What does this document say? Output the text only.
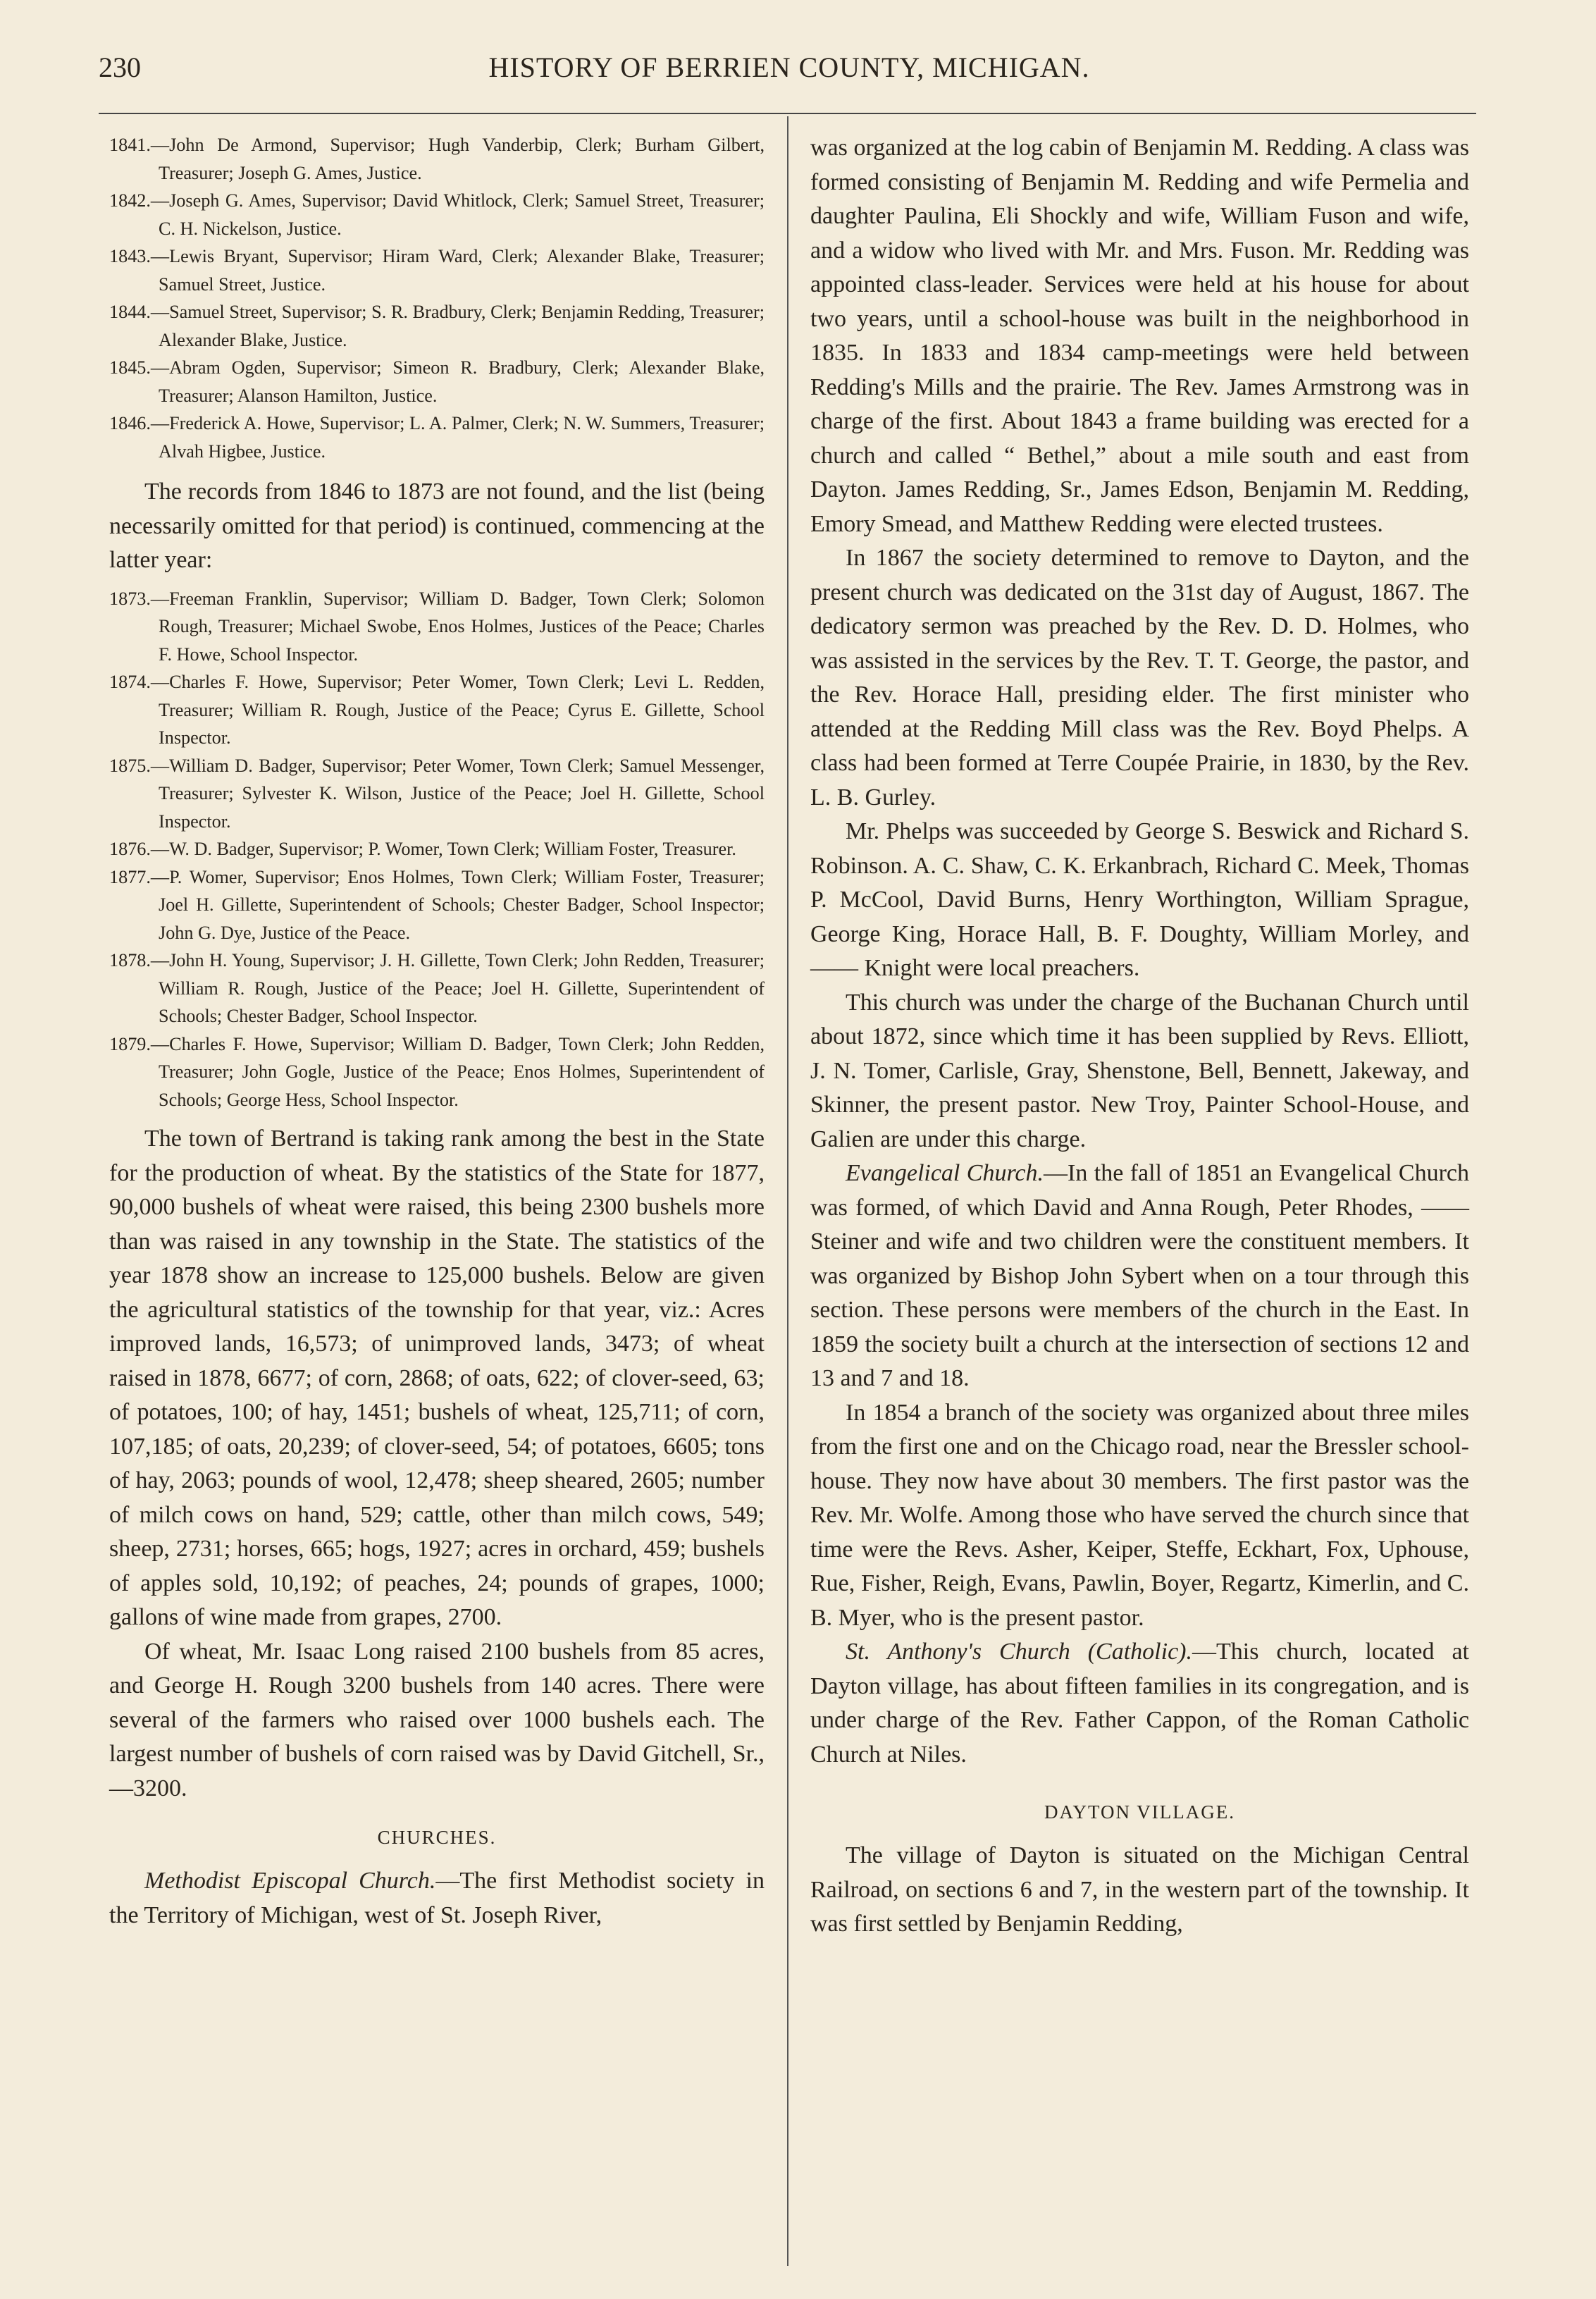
230	HISTORY OF BERRIEN COUNTY, MICHIGAN.

1841.—John De Armond, Supervisor; Hugh Vanderbip, Clerk; Burham Gilbert, Treasurer; Joseph G. Ames, Justice.

1842.—Joseph G. Ames, Supervisor; David Whitlock, Clerk; Samuel Street, Treasurer; C. H. Nickelson, Justice.

1843.—Lewis Bryant, Supervisor; Hiram Ward, Clerk; Alexander Blake, Treasurer; Samuel Street, Justice.

1844.—Samuel Street, Supervisor; S. R. Bradbury, Clerk; Benjamin Redding, Treasurer; Alexander Blake, Justice.

1845.—Abram Ogden, Supervisor; Simeon R. Bradbury, Clerk; Alexander Blake, Treasurer; Alanson Hamilton, Justice.

1846.—Frederick A. Howe, Supervisor; L. A. Palmer, Clerk; N. W. Summers, Treasurer; Alvah Higbee, Justice.

The records from 1846 to 1873 are not found, and the list (being necessarily omitted for that period) is continued, commencing at the latter year:

1873.—Freeman Franklin, Supervisor; William D. Badger, Town Clerk; Solomon Rough, Treasurer; Michael Swobe, Enos Holmes, Justices of the Peace; Charles F. Howe, School Inspector.

1874.—Charles F. Howe, Supervisor; Peter Womer, Town Clerk; Levi L. Redden, Treasurer; William R. Rough, Justice of the Peace; Cyrus E. Gillette, School Inspector.

1875.—William D. Badger, Supervisor; Peter Womer, Town Clerk; Samuel Messenger, Treasurer; Sylvester K. Wilson, Justice of the Peace; Joel H. Gillette, School Inspector.

1876.—W. D. Badger, Supervisor; P. Womer, Town Clerk; William Foster, Treasurer.

1877.—P. Womer, Supervisor; Enos Holmes, Town Clerk; William Foster, Treasurer; Joel H. Gillette, Superintendent of Schools; Chester Badger, School Inspector; John G. Dye, Justice of the Peace.

1878.—John H. Young, Supervisor; J. H. Gillette, Town Clerk; John Redden, Treasurer; William R. Rough, Justice of the Peace; Joel H. Gillette, Superintendent of Schools; Chester Badger, School Inspector.

1879.—Charles F. Howe, Supervisor; William D. Badger, Town Clerk; John Redden, Treasurer; John Gogle, Justice of the Peace; Enos Holmes, Superintendent of Schools; George Hess, School Inspector.

The town of Bertrand is taking rank among the best in the State for the production of wheat. By the statistics of the State for 1877, 90,000 bushels of wheat were raised, this being 2300 bushels more than was raised in any township in the State. The statistics of the year 1878 show an increase to 125,000 bushels. Below are given the agricultural statistics of the township for that year, viz.: Acres improved lands, 16,573; of unimproved lands, 3473; of wheat raised in 1878, 6677; of corn, 2868; of oats, 622; of clover-seed, 63; of potatoes, 100; of hay, 1451; bushels of wheat, 125,711; of corn, 107,185; of oats, 20,239; of clover-seed, 54; of potatoes, 6605; tons of hay, 2063; pounds of wool, 12,478; sheep sheared, 2605; number of milch cows on hand, 529; cattle, other than milch cows, 549; sheep, 2731; horses, 665; hogs, 1927; acres in orchard, 459; bushels of apples sold, 10,192; of peaches, 24; pounds of grapes, 1000; gallons of wine made from grapes, 2700.

Of wheat, Mr. Isaac Long raised 2100 bushels from 85 acres, and George H. Rough 3200 bushels from 140 acres. There were several of the farmers who raised over 1000 bushels each. The largest number of bushels of corn raised was by David Gitchell, Sr.,—3200.

CHURCHES.

Methodist Episcopal Church.—The first Methodist society in the Territory of Michigan, west of St. Joseph River,

was organized at the log cabin of Benjamin M. Redding. A class was formed consisting of Benjamin M. Redding and wife Permelia and daughter Paulina, Eli Shockly and wife, William Fuson and wife, and a widow who lived with Mr. and Mrs. Fuson. Mr. Redding was appointed class-leader. Services were held at his house for about two years, until a school-house was built in the neighborhood in 1835. In 1833 and 1834 camp-meetings were held between Redding's Mills and the prairie. The Rev. James Armstrong was in charge of the first. About 1843 a frame building was erected for a church and called “ Bethel,” about a mile south and east from Dayton. James Redding, Sr., James Edson, Benjamin M. Redding, Emory Smead, and Matthew Redding were elected trustees.

In 1867 the society determined to remove to Dayton, and the present church was dedicated on the 31st day of August, 1867. The dedicatory sermon was preached by the Rev. D. D. Holmes, who was assisted in the services by the Rev. T. T. George, the pastor, and the Rev. Horace Hall, presiding elder. The first minister who attended at the Redding Mill class was the Rev. Boyd Phelps. A class had been formed at Terre Coupée Prairie, in 1830, by the Rev. L. B. Gurley.

Mr. Phelps was succeeded by George S. Beswick and Richard S. Robinson. A. C. Shaw, C. K. Erkanbrach, Richard C. Meek, Thomas P. McCool, David Burns, Henry Worthington, William Sprague, George King, Horace Hall, B. F. Doughty, William Morley, and —— Knight were local preachers.

This church was under the charge of the Buchanan Church until about 1872, since which time it has been supplied by Revs. Elliott, J. N. Tomer, Carlisle, Gray, Shenstone, Bell, Bennett, Jakeway, and Skinner, the present pastor. New Troy, Painter School-House, and Galien are under this charge.

Evangelical Church.—In the fall of 1851 an Evangelical Church was formed, of which David and Anna Rough, Peter Rhodes, —— Steiner and wife and two children were the constituent members. It was organized by Bishop John Sybert when on a tour through this section. These persons were members of the church in the East. In 1859 the society built a church at the intersection of sections 12 and 13 and 7 and 18.

In 1854 a branch of the society was organized about three miles from the first one and on the Chicago road, near the Bressler school-house. They now have about 30 members. The first pastor was the Rev. Mr. Wolfe. Among those who have served the church since that time were the Revs. Asher, Keiper, Steffe, Eckhart, Fox, Uphouse, Rue, Fisher, Reigh, Evans, Pawlin, Boyer, Regartz, Kimerlin, and C. B. Myer, who is the present pastor.

St. Anthony's Church (Catholic).—This church, located at Dayton village, has about fifteen families in its congregation, and is under charge of the Rev. Father Cappon, of the Roman Catholic Church at Niles.

DAYTON VILLAGE.

The village of Dayton is situated on the Michigan Central Railroad, on sections 6 and 7, in the western part of the township. It was first settled by Benjamin Redding,
